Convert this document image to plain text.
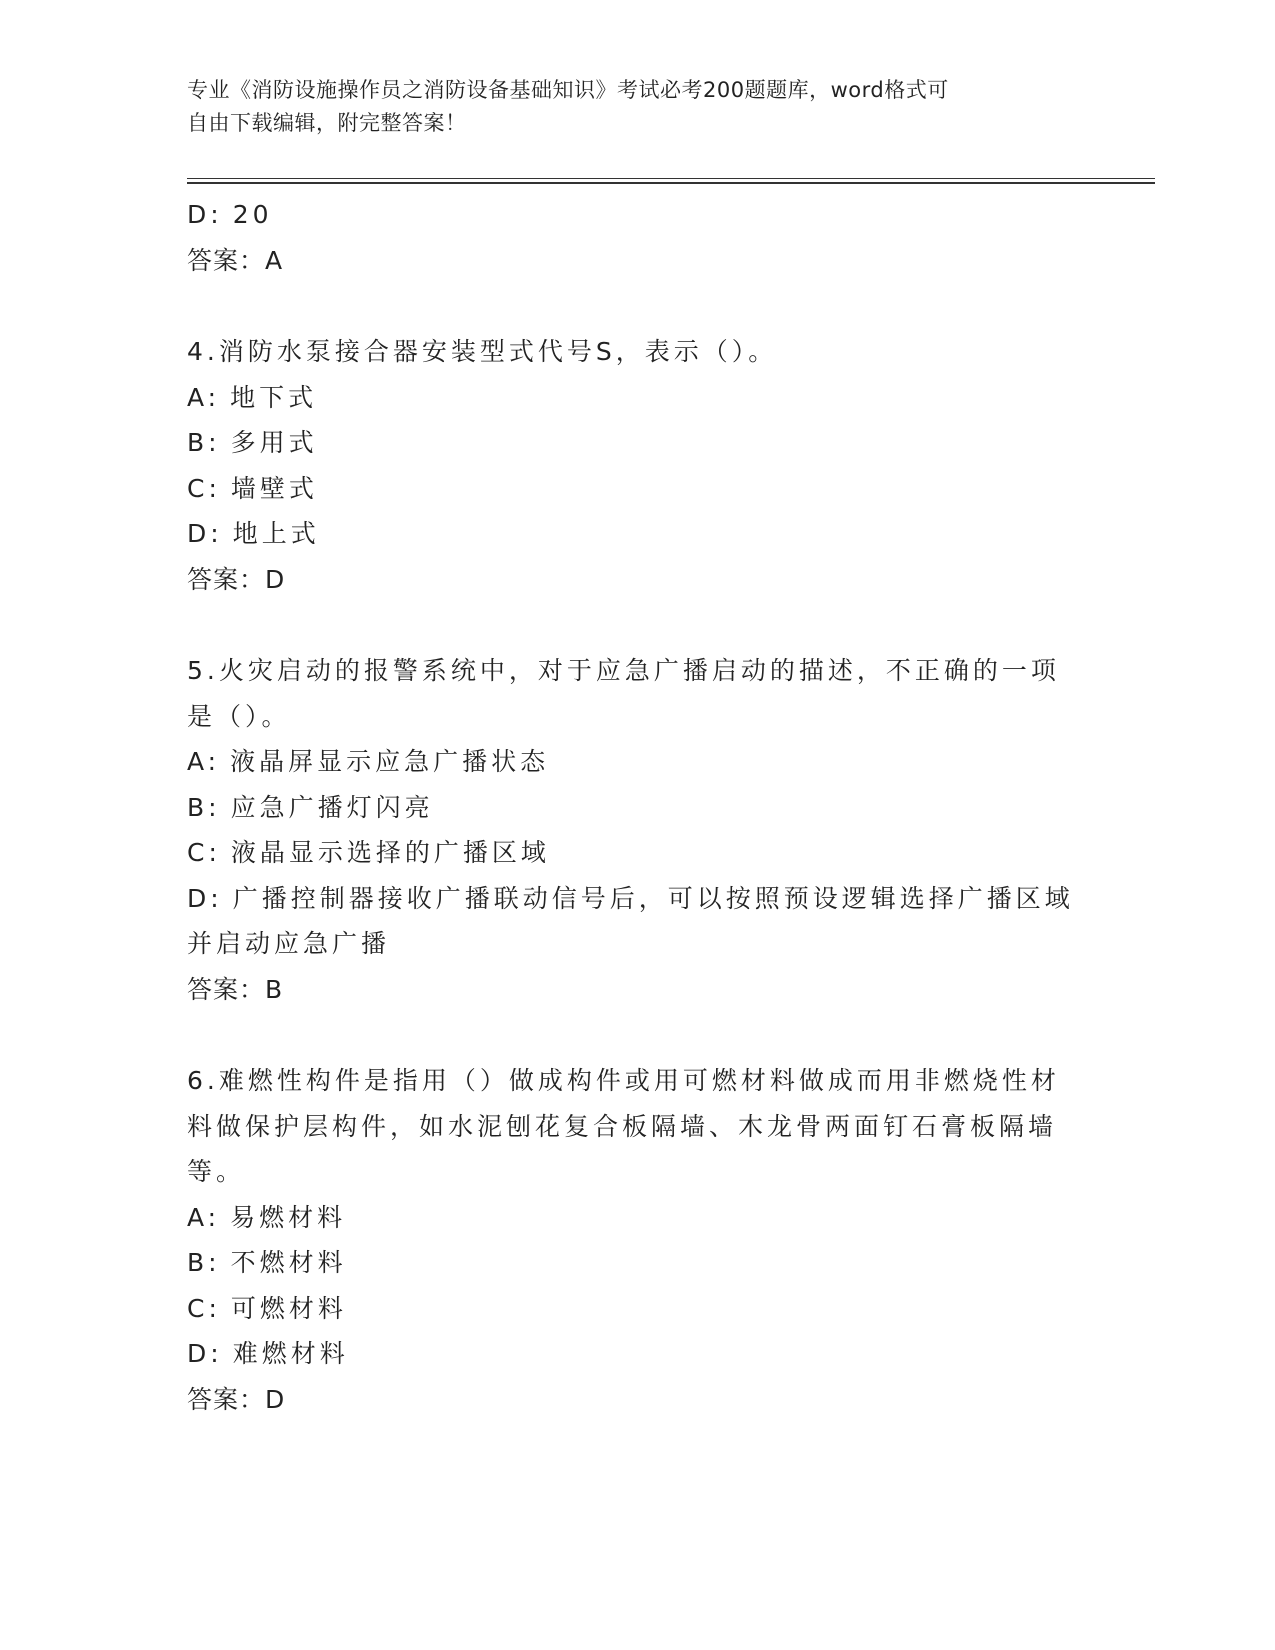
专业《消防设施操作员之消防设备基础知识》考试必考200题题库，word格式可
自由下载编辑，附完整答案！
D: 20
答案：A
4.消防水泵接合器安装型式代号S，表示（）。
A: 地下式
B: 多用式
C: 墙壁式
D: 地上式
答案：D
5.火灾启动的报警系统中，对于应急广播启动的描述，不正确的一项
是（）。
A: 液晶屏显示应急广播状态
B: 应急广播灯闪亮
C: 液晶显示选择的广播区域
D: 广播控制器接收广播联动信号后，可以按照预设逻辑选择广播区域
并启动应急广播
答案：B
6.难燃性构件是指用（）做成构件或用可燃材料做成而用非燃烧性材
料做保护层构件，如水泥刨花复合板隔墙、木龙骨两面钉石膏板隔墙
等。
A: 易燃材料
B: 不燃材料
C: 可燃材料
D: 难燃材料
答案：D
